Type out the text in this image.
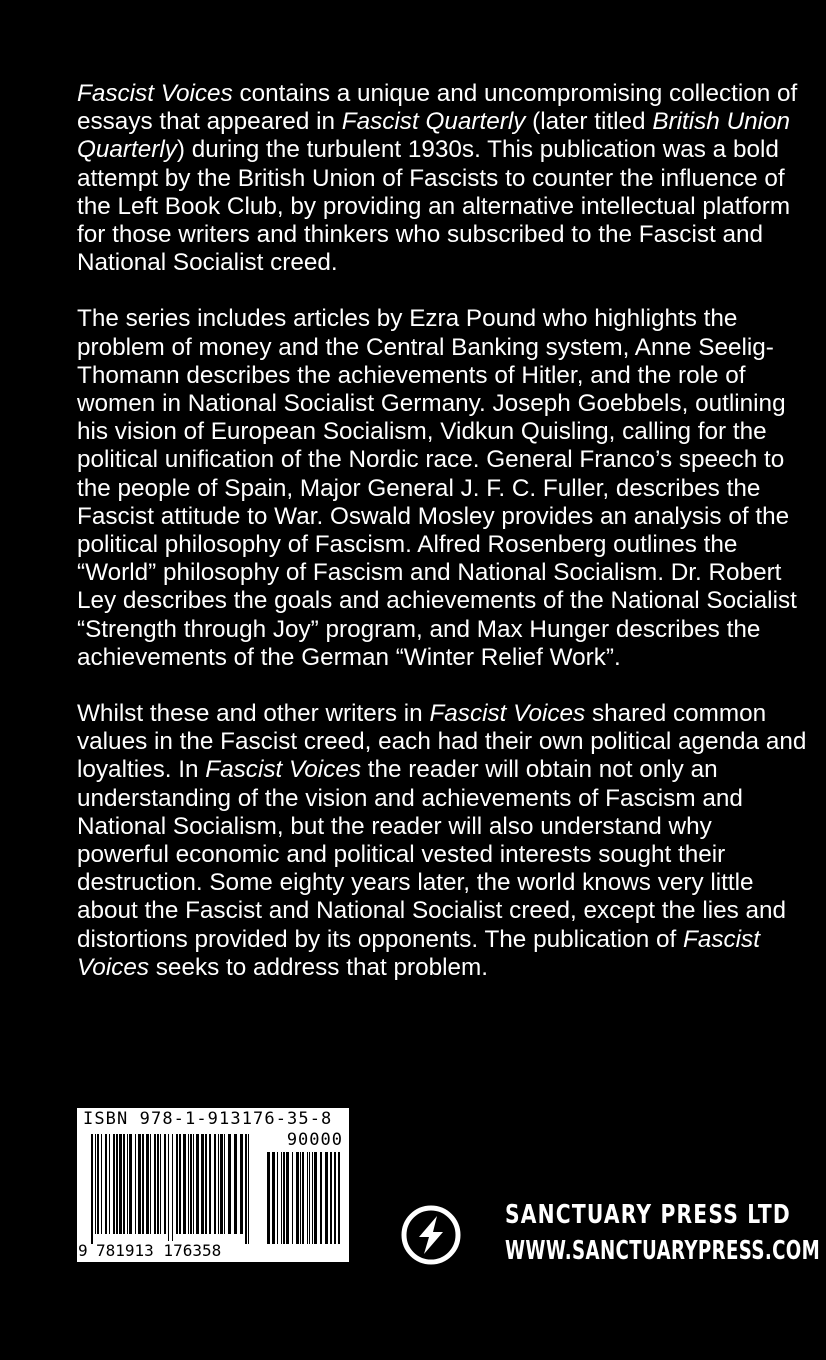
Fascist Voices contains a unique and uncompromising collection of essays that appeared in Fascist Quarterly (later titled British Union Quarterly) during the turbulent 1930s. This publication was a bold attempt by the British Union of Fascists to counter the influence of the Left Book Club, by providing an alternative intellectual platform for those writers and thinkers who subscribed to the Fascist and National Socialist creed.

The series includes articles by Ezra Pound who highlights the problem of money and the Central Banking system, Anne Seelig-Thomann describes the achievements of Hitler, and the role of women in National Socialist Germany. Joseph Goebbels, outlining his vision of European Socialism, Vidkun Quisling, calling for the political unification of the Nordic race. General Franco’s speech to the people of Spain, Major General J. F. C. Fuller, describes the Fascist attitude to War. Oswald Mosley provides an analysis of the political philosophy of Fascism. Alfred Rosenberg outlines the “World” philosophy of Fascism and National Socialism. Dr. Robert Ley describes the goals and achievements of the National Socialist “Strength through Joy” program, and Max Hunger describes the achievements of the German “Winter Relief Work”.

Whilst these and other writers in Fascist Voices shared common values in the Fascist creed, each had their own political agenda and loyalties. In Fascist Voices the reader will obtain not only an understanding of the vision and achievements of Fascism and National Socialism, but the reader will also understand why powerful economic and political vested interests sought their destruction. Some eighty years later, the world knows very little about the Fascist and National Socialist creed, except the lies and distortions provided by its opponents. The publication of Fascist Voices seeks to address that problem.

ISBN 978-1-913176-35-8
90000
9 781913 176358
SANCTUARY PRESS LTD
WWW.SANCTUARYPRESS.COM
